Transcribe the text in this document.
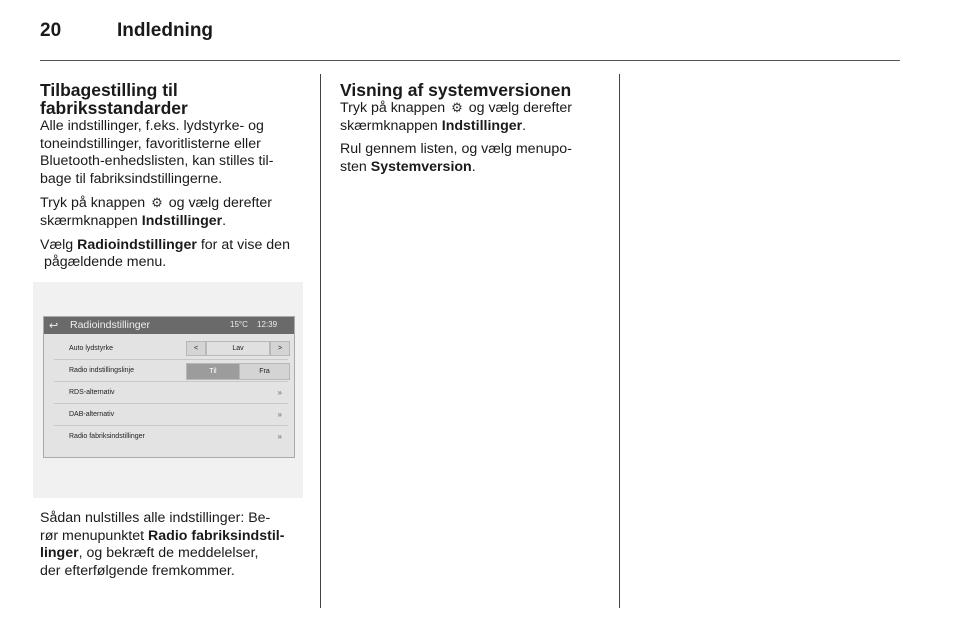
20	Indledning
Tilbagestilling til
fabriksstandarder

Alle indstillinger, f.eks. lydstyrke- og
toneindstillinger, favoritlisterne eller
Bluetooth-enhedslisten, kan stilles til-
bage til fabriksindstillingerne.

Tryk på knappen ⚙ og vælg derefter
skærmknappen Indstillinger.

Vælg Radioindstillinger for at vise den
pågældende menu.

↩ Radioindstillinger	15°C 12:39
Auto lydstyrke	<	Lav	>
Radio indstillingslinje	Til	Fra
RDS-alternativ	»
DAB-alternativ	»
Radio fabriksindstillinger	»

Sådan nulstilles alle indstillinger: Be-
rør menupunktet Radio fabriksindstil-
linger, og bekræft de meddelelser,
der efterfølgende fremkommer.

Visning af systemversionen

Tryk på knappen ⚙ og vælg derefter
skærmknappen Indstillinger.

Rul gennem listen, og vælg menupo-
sten Systemversion.
